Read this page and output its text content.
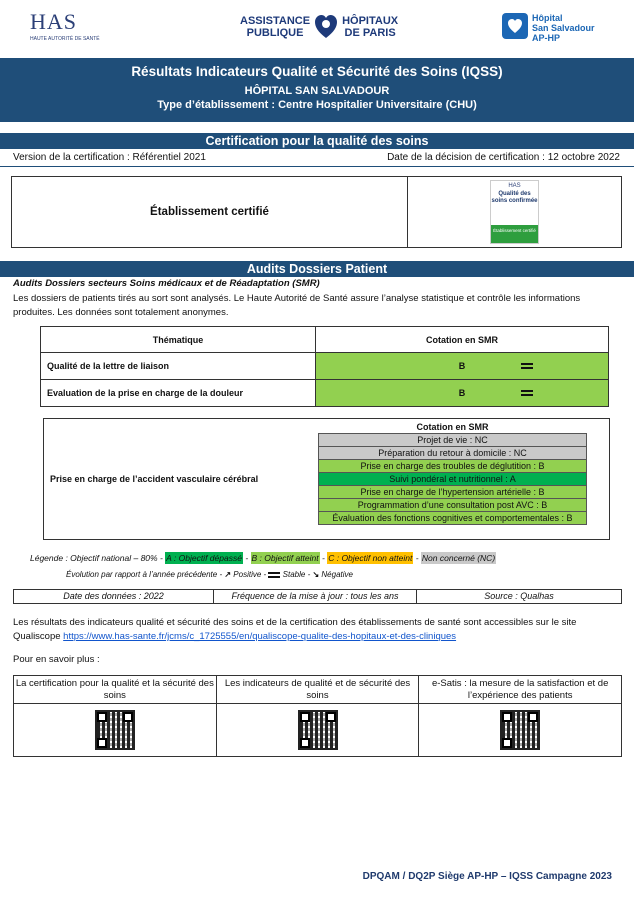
HAS
HAUTE AUTORITÉ DE SANTÉ
ASSISTANCE
PUBLIQUE
HÔPITAUX
DE PARIS
Hôpital
San Salvadour
AP-HP
Résultats Indicateurs Qualité et Sécurité des Soins (IQSS)
HÔPITAL SAN SALVADOUR
Type d’établissement : Centre Hospitalier Universitaire (CHU)
Certification pour la qualité des soins
Version de la certification : Référentiel 2021	Date de la décision de certification : 12 octobre 2022
Établissement certifié
HAS
Qualité des soins confirmée
Établissement certifié
Audits Dossiers Patient
Audits Dossiers secteurs Soins médicaux et de Réadaptation (SMR)
Les dossiers de patients tirés au sort sont analysés. Le Haute Autorité de Santé assure l’analyse statistique et contrôle les informations produites. Les données sont totalement anonymes.
Thématique	Cotation en SMR
Qualité de la lettre de liaison	B

Evaluation de la prise en charge de la douleur	B
Prise en charge de l’accident vasculaire cérébral
Cotation en SMR
Projet de vie : NC
Préparation du retour à domicile : NC
Prise en charge des troubles de déglutition : B
Suivi pondéral et nutritionnel : A
Prise en charge de l’hypertension artérielle : B
Programmation d’une consultation post AVC : B
Évaluation des fonctions cognitives et comportementales : B
Légende : Objectif national – 80% - A : Objectif dépassé - B : Objectif atteint - C : Objectif non atteint - Non concerné (NC)
Évolution par rapport à l’année précédente - ↗ Positive - Stable - ↘ Négative
Date des données : 2022	Fréquence de la mise à jour : tous les ans	Source : Qualhas
Les résultats des indicateurs qualité et sécurité des soins et de la certification des établissements de santé sont accessibles sur le site Qualiscope https://www.has-sante.fr/jcms/c_1725555/en/qualiscope-qualite-des-hopitaux-et-des-cliniques
Pour en savoir plus :
La certification pour la qualité et la sécurité des soins
Les indicateurs de qualité et de sécurité des soins
e-Satis : la mesure de la satisfaction et de l’expérience des patients
DPQAM / DQ2P Siège AP-HP – IQSS Campagne 2023
